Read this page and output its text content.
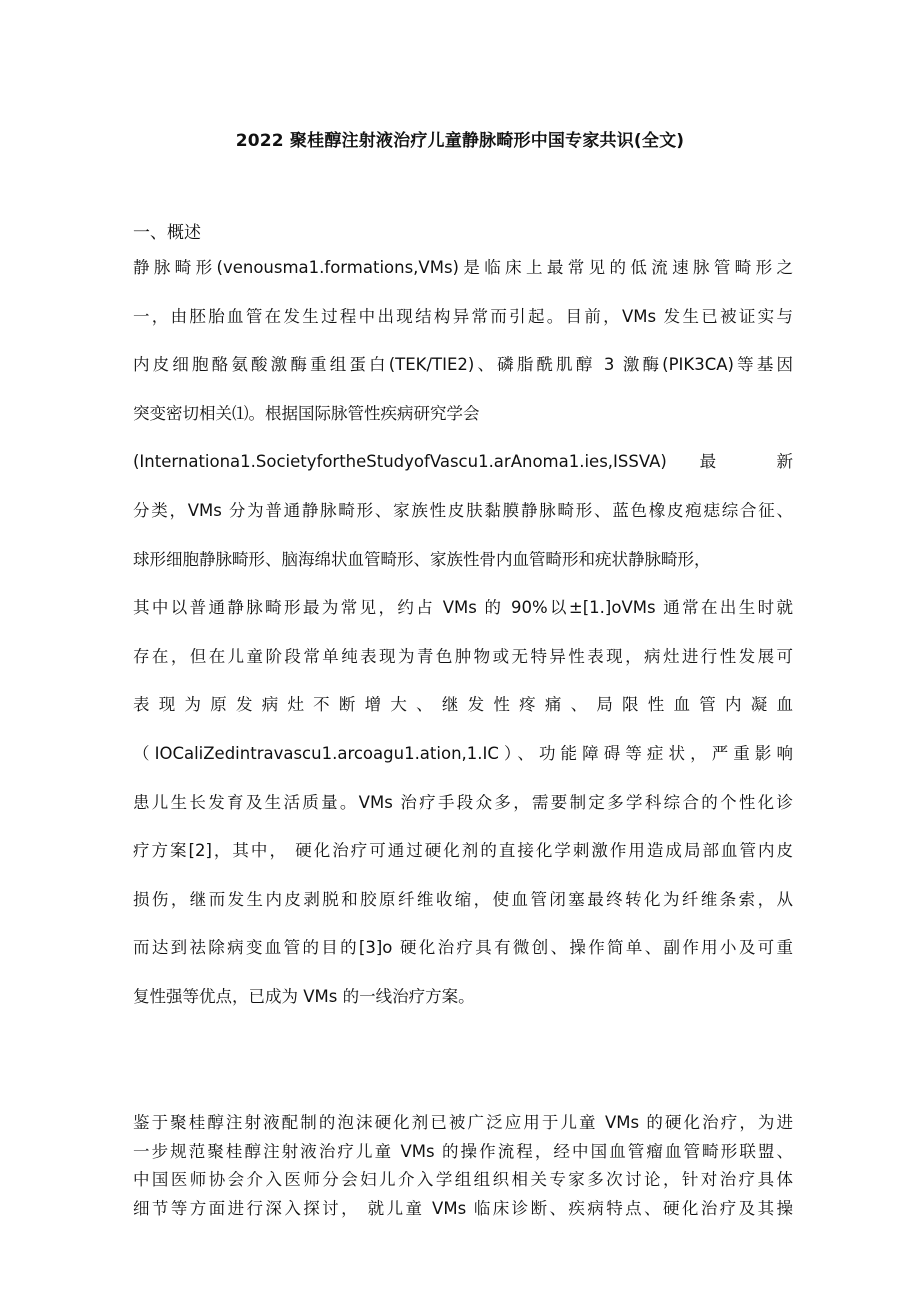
2022 聚桂醇注射液治疗儿童静脉畸形中国专家共识(全文)
一、概述
静脉畸形(venousma1.formations,VMs)是临床上最常见的低流速脉管畸形之
一，由胚胎血管在发生过程中出现结构异常而引起。目前，VMs 发生已被证实与
内皮细胞酪氨酸激酶重组蛋白(TEK/TIE2)、磷脂酰肌醇 3 激酶(PIK3CA)等基因
突变密切相关⑴。根据国际脉管性疾病研究学会
(Internationa1.SocietyfortheStudyofVascu1.arAnoma1.ies,ISSVA) 最 新
分类，VMs 分为普通静脉畸形、家族性皮肤黏膜静脉畸形、蓝色橡皮疱痣综合征、
球形细胞静脉畸形、脑海绵状血管畸形、家族性骨内血管畸形和疣状静脉畸形，
其中以普通静脉畸形最为常见，约占 VMs 的 90%以±[1.]oVMs 通常在出生时就
存在，但在儿童阶段常单纯表现为青色肿物或无特异性表现，病灶进行性发展可
表 现 为 原 发 病 灶 不 断 增 大 、 继 发 性 疼 痛 、 局 限 性 血 管 内 凝 血
（IOCaliZedintravascu1.arcoagu1.ation,1.IC）、功能障碍等症状，严重影响
患儿生长发育及生活质量。VMs 治疗手段众多，需要制定多学科综合的个性化诊
疗方案[2]，其中， 硬化治疗可通过硬化剂的直接化学刺激作用造成局部血管内皮
损伤，继而发生内皮剥脱和胶原纤维收缩，使血管闭塞最终转化为纤维条索，从
而达到祛除病变血管的目的[3]o 硬化治疗具有微创、操作简单、副作用小及可重
复性强等优点，已成为 VMs 的一线治疗方案。
鉴于聚桂醇注射液配制的泡沫硬化剂已被广泛应用于儿童 VMs 的硬化治疗，为进
一步规范聚桂醇注射液治疗儿童 VMs 的操作流程，经中国血管瘤血管畸形联盟、
中国医师协会介入医师分会妇儿介入学组组织相关专家多次讨论，针对治疗具体
细节等方面进行深入探讨， 就儿童 VMs 临床诊断、疾病特点、硬化治疗及其操
